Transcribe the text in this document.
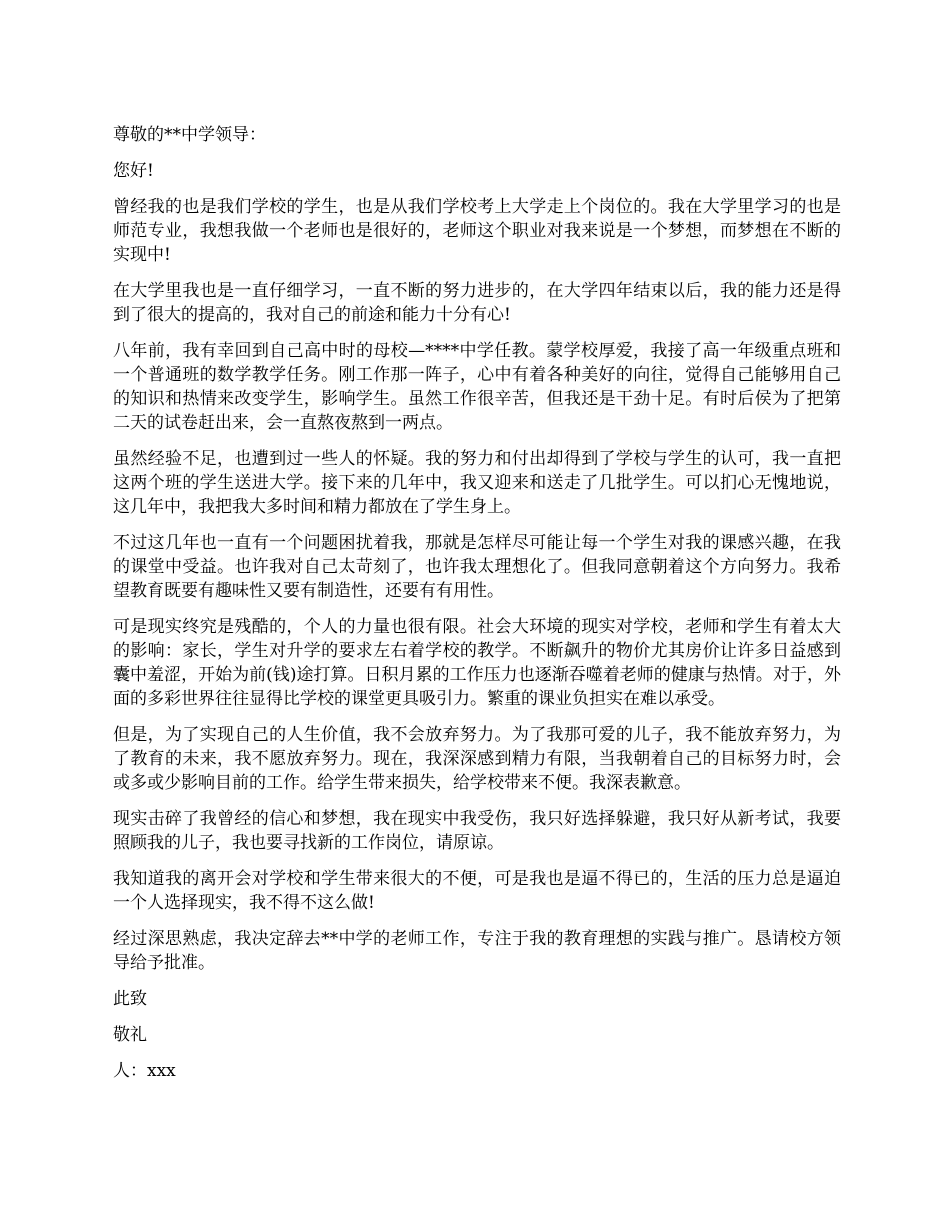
尊敬的**中学领导：

您好!

曾经我的也是我们学校的学生，也是从我们学校考上大学走上个岗位的。我在大学里学习的也是师范专业，我想我做一个老师也是很好的，老师这个职业对我来说是一个梦想，而梦想在不断的实现中!

在大学里我也是一直仔细学习，一直不断的努力进步的，在大学四年结束以后，我的能力还是得到了很大的提高的，我对自己的前途和能力十分有心!

八年前，我有幸回到自己高中时的母校—****中学任教。蒙学校厚爱，我接了高一年级重点班和一个普通班的数学教学任务。刚工作那一阵子，心中有着各种美好的向往，觉得自己能够用自己的知识和热情来改变学生，影响学生。虽然工作很辛苦，但我还是干劲十足。有时后侯为了把第二天的试卷赶出来，会一直熬夜熬到一两点。

虽然经验不足，也遭到过一些人的怀疑。我的努力和付出却得到了学校与学生的认可，我一直把这两个班的学生送进大学。接下来的几年中，我又迎来和送走了几批学生。可以扪心无愧地说，这几年中，我把我大多时间和精力都放在了学生身上。

不过这几年也一直有一个问题困扰着我，那就是怎样尽可能让每一个学生对我的课感兴趣，在我的课堂中受益。也许我对自己太苛刻了，也许我太理想化了。但我同意朝着这个方向努力。我希望教育既要有趣味性又要有制造性，还要有有用性。

可是现实终究是残酷的，个人的力量也很有限。社会大环境的现实对学校，老师和学生有着太大的影响：家长，学生对升学的要求左右着学校的教学。不断飙升的物价尤其房价让许多日益感到囊中羞涩，开始为前(钱)途打算。日积月累的工作压力也逐渐吞噬着老师的健康与热情。对于，外面的多彩世界往往显得比学校的课堂更具吸引力。繁重的课业负担实在难以承受。

但是，为了实现自己的人生价值，我不会放弃努力。为了我那可爱的儿子，我不能放弃努力，为了教育的未来，我不愿放弃努力。现在，我深深感到精力有限，当我朝着自己的目标努力时，会或多或少影响目前的工作。给学生带来损失，给学校带来不便。我深表歉意。

现实击碎了我曾经的信心和梦想，我在现实中我受伤，我只好选择躲避，我只好从新考试，我要照顾我的儿子，我也要寻找新的工作岗位，请原谅。

我知道我的离开会对学校和学生带来很大的不便，可是我也是逼不得已的，生活的压力总是逼迫一个人选择现实，我不得不这么做!

经过深思熟虑，我决定辞去**中学的老师工作，专注于我的教育理想的实践与推广。恳请校方领导给予批准。

此致

敬礼

人：xxx
